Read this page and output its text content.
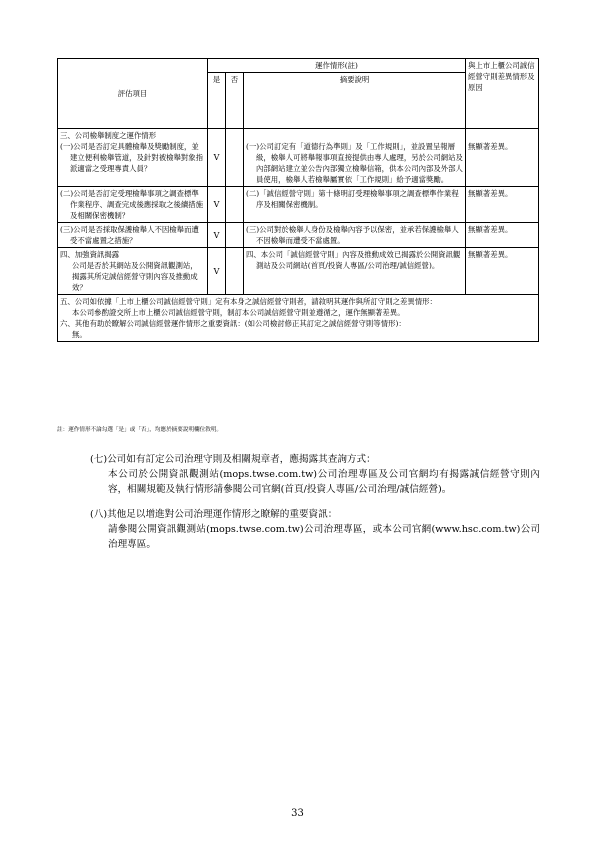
評估項目	運作情形(註)			與上市上櫃公司誠信經營守則差異情形及原因
	是	否	摘要說明	

三、公司檢舉制度之運作情形
(一)公司是否訂定具體檢舉及獎勵制度，並建立便利檢舉管道，及針對被檢舉對象指派適當之受理專責人員？	V		(一)公司訂定有「道德行為準則」及「工作規則」，並設置呈報層級，檢舉人可將舉報事項直接提供由專人處理，另於公司網站及內部網站建立並公告內部獨立檢舉信箱，供本公司內部及外部人員使用，檢舉人若檢舉屬實依「工作規則」給予適當獎勵。	無顯著差異。

(二)公司是否訂定受理檢舉事項之調查標準作業程序、調查完成後應採取之後續措施及相關保密機制？	V		(二)「誠信經營守則」第十條明訂受理檢舉事項之調查標準作業程序及相關保密機制。	無顯著差異。

(三)公司是否採取保護檢舉人不因檢舉而遭受不當處置之措施？	V		(三)公司對於檢舉人身份及檢舉內容予以保密，並承若保護檢舉人不因檢舉而遭受不當處置。	無顯著差異。

四、加強資訊揭露
公司是否於其網站及公開資訊觀測站，揭露其所定誠信經營守則內容及推動成效？	V		四、本公司「誠信經營守則」內容及推動成效已揭露於公開資訊觀測站及公司網站(首頁/投資人專區/公司治理/誠信經營)。	無顯著差異。

五、公司如依據「上市上櫃公司誠信經營守則」定有本身之誠信經營守則者，請敘明其運作與所訂守則之差異情形：
本公司參酌證交所上市上櫃公司誠信經營守則，制訂本公司誠信經營守則並遵循之，運作無顯著差異。
六、其他有助於瞭解公司誠信經營運作情形之重要資訊：(如公司檢討修正其訂定之誠信經營守則等情形)：
無。				
註：運作情形不論勾選「是」或「否」，均應於摘要說明欄位敘明。

(七)公司如有訂定公司治理守則及相關規章者，應揭露其查詢方式：

本公司於公開資訊觀測站(mops.twse.com.tw)公司治理專區及公司官網均有揭露誠信經營守則內容，相關規範及執行情形請參閱公司官網(首頁/投資人專區/公司治理/誠信經營)。

(八)其他足以增進對公司治理運作情形之瞭解的重要資訊：

請參閱公開資訊觀測站(mops.twse.com.tw)公司治理專區，或本公司官網(www.hsc.com.tw)公司治理專區。

33
